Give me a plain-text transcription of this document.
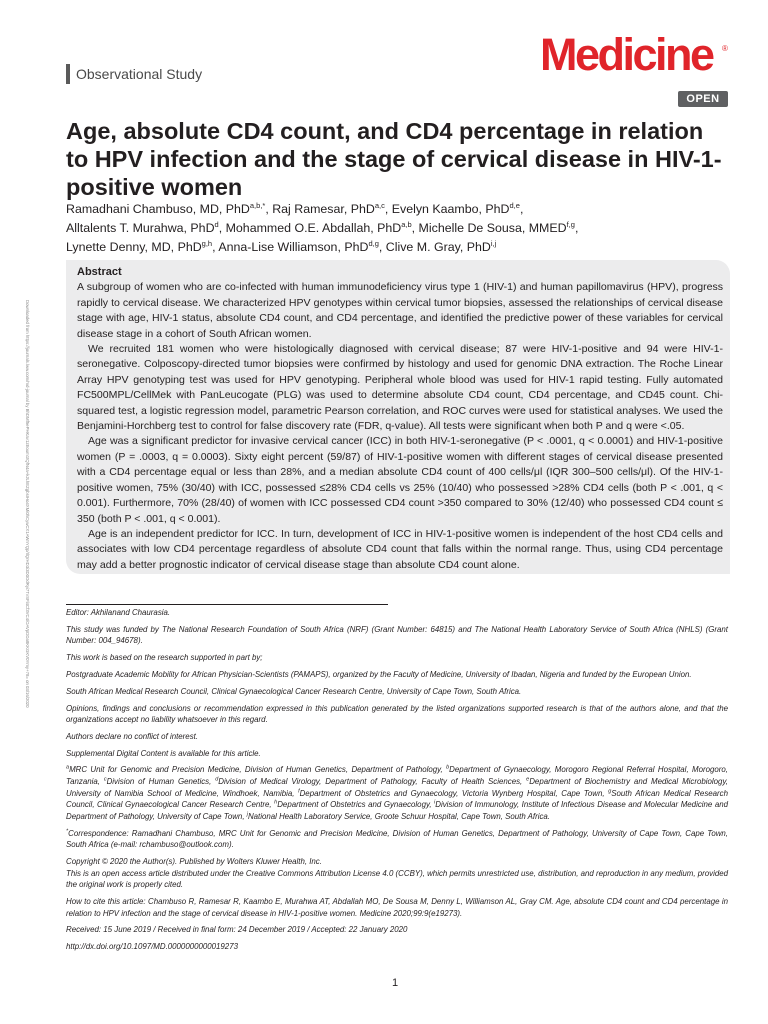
Downloaded from https://journals.lww.com/md-journal by BhDMf5ePHKav1zEoum1tQfN4a+kJLhEZgbsIHo4XMi0hCywCX1AWnYQp/IlQrHD3i3D0OdRyi7TvSFl4Cf3VC4/OAVpDDa8KKGKV0Ymy+78= on 03/16/2020
Observational Study	Medicine ®
OPEN
Age, absolute CD4 count, and CD4 percentage in relation to HPV infection and the stage of cervical disease in HIV-1-positive women
Ramadhani Chambuso, MD, PhD$^{a,b,*}$, Raj Ramesar, PhD$^{a,c}$, Evelyn Kaambo, PhD$^{d,e}$,
Alltalents T. Murahwa, PhD$^d$, Mohammed O.E. Abdallah, PhD$^{a,b}$, Michelle De Sousa, MMED$^{f,g}$,
Lynette Denny, MD, PhD$^{g,h}$, Anna-Lise Williamson, PhD$^{d,g}$, Clive M. Gray, PhD$^{i,j}$
Abstract

A subgroup of women who are co-infected with human immunodeficiency virus type 1 (HIV-1) and human papillomavirus (HPV), progress rapidly to cervical disease. We characterized HPV genotypes within cervical tumor biopsies, assessed the relationships of cervical disease stage with age, HIV-1 status, absolute CD4 count, and CD4 percentage, and identified the predictive power of these variables for cervical disease stage in a cohort of South African women.

We recruited 181 women who were histologically diagnosed with cervical disease; 87 were HIV-1-positive and 94 were HIV-1-seronegative. Colposcopy-directed tumor biopsies were confirmed by histology and used for genomic DNA extraction. The Roche Linear Array HPV genotyping test was used for HPV genotyping. Peripheral whole blood was used for HIV-1 rapid testing. Fully automated FC500MPL/CellMek with PanLeucogate (PLG) was used to determine absolute CD4 count, CD4 percentage, and CD45 count. Chi-squared test, a logistic regression model, parametric Pearson correlation, and ROC curves were used for statistical analyses. We used the Benjamini-Horchberg test to control for false discovery rate (FDR, q-value). All tests were significant when both P and q were <.05.

Age was a significant predictor for invasive cervical cancer (ICC) in both HIV-1-seronegative (P < .0001, q < 0.0001) and HIV-1-positive women (P = .0003, q = 0.0003). Sixty eight percent (59/87) of HIV-1-positive women with different stages of cervical disease presented with a CD4 percentage equal or less than 28%, and a median absolute CD4 count of 400 cells/μl (IQR 300–500 cells/μl). Of the HIV-1-positive women, 75% (30/40) with ICC, possessed ≤28% CD4 cells vs 25% (10/40) who possessed >28% CD4 cells (both P < .001, q < 0.001). Furthermore, 70% (28/40) of women with ICC possessed CD4 count >350 compared to 30% (12/40) who possessed CD4 count ≤ 350 (both P < .001, q < 0.001).

Age is an independent predictor for ICC. In turn, development of ICC in HIV-1-positive women is independent of the host CD4 cells and associates with low CD4 percentage regardless of absolute CD4 count that falls within the normal range. Thus, using CD4 percentage may add a better prognostic indicator of cervical disease stage than absolute CD4 count alone.

Editor: Akhilanand Chaurasia.

This study was funded by The National Research Foundation of South Africa (NRF) (Grant Number: 64815) and The National Health Laboratory Service of South Africa (NHLS) (Grant Number: 004_94678).

This work is based on the research supported in part by;

Postgraduate Academic Mobility for African Physician-Scientists (PAMAPS), organized by the Faculty of Medicine, University of Ibadan, Nigeria and funded by the European Union.

South African Medical Research Council, Clinical Gynaecological Cancer Research Centre, University of Cape Town, South Africa.

Opinions, findings and conclusions or recommendation expressed in this publication generated by the listed organizations supported research is that of the authors alone, and that the organizations accept no liability whatsoever in this regard.

Authors declare no conflict of interest.

Supplemental Digital Content is available for this article.

$^a$MRC Unit for Genomic and Precision Medicine, Division of Human Genetics, Department of Pathology, $^b$Department of Gynaecology, Morogoro Regional Referral Hospital, Morogoro, Tanzania, $^c$Division of Human Genetics, $^d$Division of Medical Virology, Department of Pathology, Faculty of Health Sciences, $^e$Department of Biochemistry and Medical Microbiology, University of Namibia School of Medicine, Windhoek, Namibia, $^f$Department of Obstetrics and Gynaecology, Victoria Wynberg Hospital, Cape Town, $^g$South African Medical Research Council, Clinical Gynaecological Cancer Research Centre, $^h$Department of Obstetrics and Gynaecology, $^i$Division of Immunology, Institute of Infectious Disease and Molecular Medicine and Department of Pathology, University of Cape Town, $^j$National Health Laboratory Service, Groote Schuur Hospital, Cape Town, South Africa.

*Correspondence: Ramadhani Chambuso, MRC Unit for Genomic and Precision Medicine, Division of Human Genetics, Department of Pathology, University of Cape Town, Cape Town, South Africa (e-mail: rchambuso@outlook.com).

Copyright © 2020 the Author(s). Published by Wolters Kluwer Health, Inc.

This is an open access article distributed under the Creative Commons Attribution License 4.0 (CCBY), which permits unrestricted use, distribution, and reproduction in any medium, provided the original work is properly cited.

How to cite this article: Chambuso R, Ramesar R, Kaambo E, Murahwa AT, Abdallah MO, De Sousa M, Denny L, Williamson AL, Gray CM. Age, absolute CD4 count and CD4 percentage in relation to HPV infection and the stage of cervical disease in HIV-1-positive women. Medicine 2020;99:9(e19273).

Received: 15 June 2019 / Received in final form: 24 December 2019 / Accepted: 22 January 2020

http://dx.doi.org/10.1097/MD.0000000000019273

1
